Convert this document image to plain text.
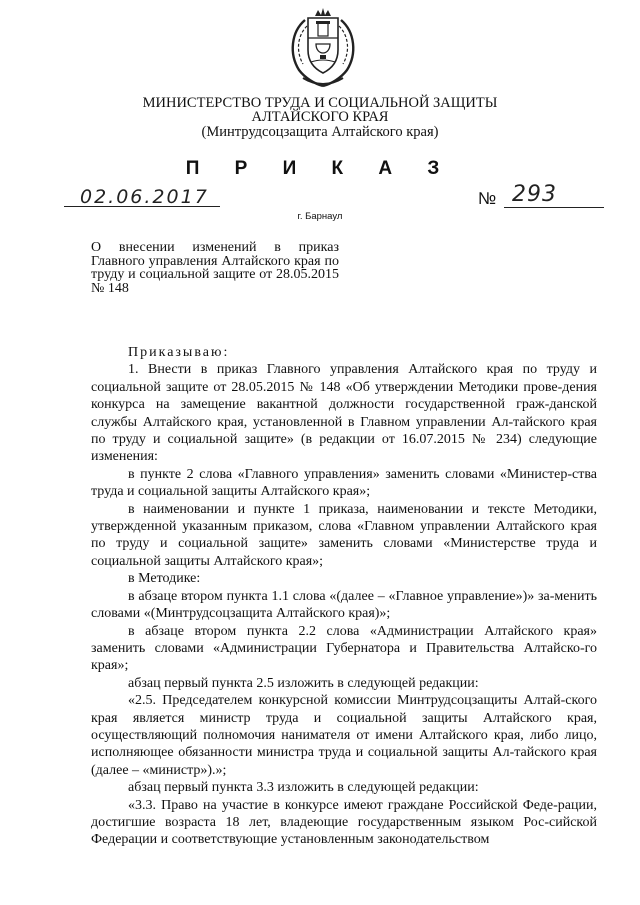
МИНИСТЕРСТВО ТРУДА И СОЦИАЛЬНОЙ ЗАЩИТЫ
АЛТАЙСКОГО КРАЯ
(Минтрудсоцзащита Алтайского края)
П Р И К А З
02.06.2017	№ 293
г. Барнаул
О внесении изменений в приказ Главного управления Алтайского края по труду и социальной защите от 28.05.2015 № 148

Приказываю:

1. Внести в приказ Главного управления Алтайского края по труду и социальной защите от 28.05.2015 № 148 «Об утверждении Методики прове-дения конкурса на замещение вакантной должности государственной граж-данской службы Алтайского края, установленной в Главном управлении Ал-тайского края по труду и социальной защите» (в редакции от 16.07.2015 № 234) следующие изменения:

в пункте 2 слова «Главного управления» заменить словами «Министер-ства труда и социальной защиты Алтайского края»;

в наименовании и пункте 1 приказа, наименовании и тексте Методики, утвержденной указанным приказом, слова «Главном управлении Алтайского края по труду и социальной защите» заменить словами «Министерстве труда и социальной защиты Алтайского края»;

в Методике:

в абзаце втором пункта 1.1 слова «(далее – «Главное управление»)» за-менить словами «(Минтрудсоцзащита Алтайского края)»;

в абзаце втором пункта 2.2 слова «Администрации Алтайского края» заменить словами «Администрации Губернатора и Правительства Алтайско-го края»;

абзац первый пункта 2.5 изложить в следующей редакции:

«2.5. Председателем конкурсной комиссии Минтрудсоцзащиты Алтай-ского края является министр труда и социальной защиты Алтайского края, осуществляющий полномочия нанимателя от имени Алтайского края, либо лицо, исполняющее обязанности министра труда и социальной защиты Ал-тайского края (далее – «министр»).»;

абзац первый пункта 3.3 изложить в следующей редакции:

«3.3. Право на участие в конкурсе имеют граждане Российской Феде-рации, достигшие возраста 18 лет, владеющие государственным языком Рос-сийской Федерации и соответствующие установленным законодательством
